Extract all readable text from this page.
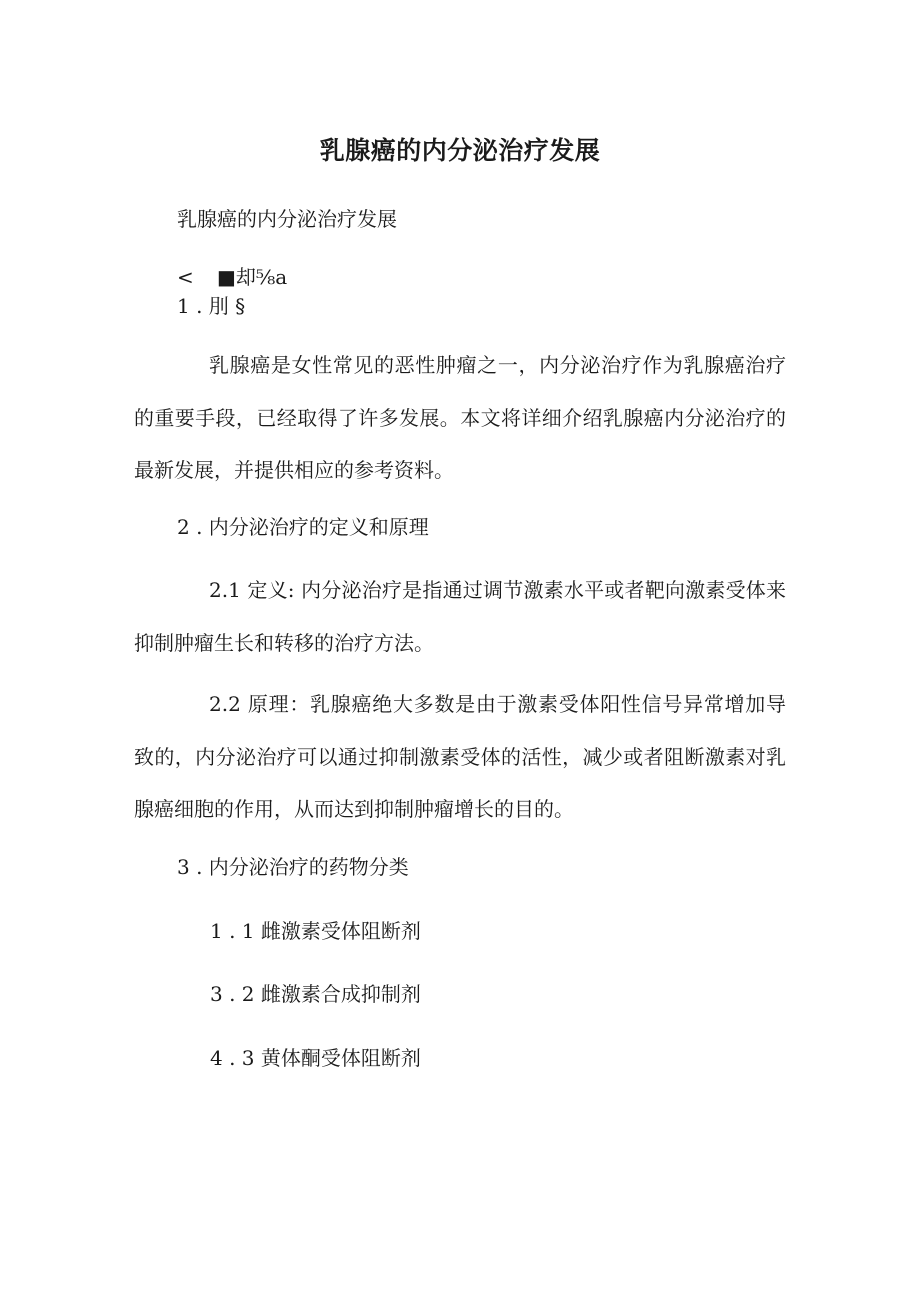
乳腺癌的内分泌治疗发展
乳腺癌的内分泌治疗发展
< ■却⅝a
1 . 刖 §

乳腺癌是女性常见的恶性肿瘤之一，内分泌治疗作为乳腺癌治疗的重要手段，已经取得了许多发展。本文将详细介绍乳腺癌内分泌治疗的最新发展，并提供相应的参考资料。

2 . 内分泌治疗的定义和原理

2.1 定义: 内分泌治疗是指通过调节激素水平或者靶向激素受体来抑制肿瘤生长和转移的治疗方法。

2.2 原理：乳腺癌绝大多数是由于激素受体阳性信号异常增加导致的，内分泌治疗可以通过抑制激素受体的活性，减少或者阻断激素对乳腺癌细胞的作用，从而达到抑制肿瘤增长的目的。

3 . 内分泌治疗的药物分类
1 . 1 雌激素受体阻断剂
3 . 2 雌激素合成抑制剂
4 . 3 黄体酮受体阻断剂
